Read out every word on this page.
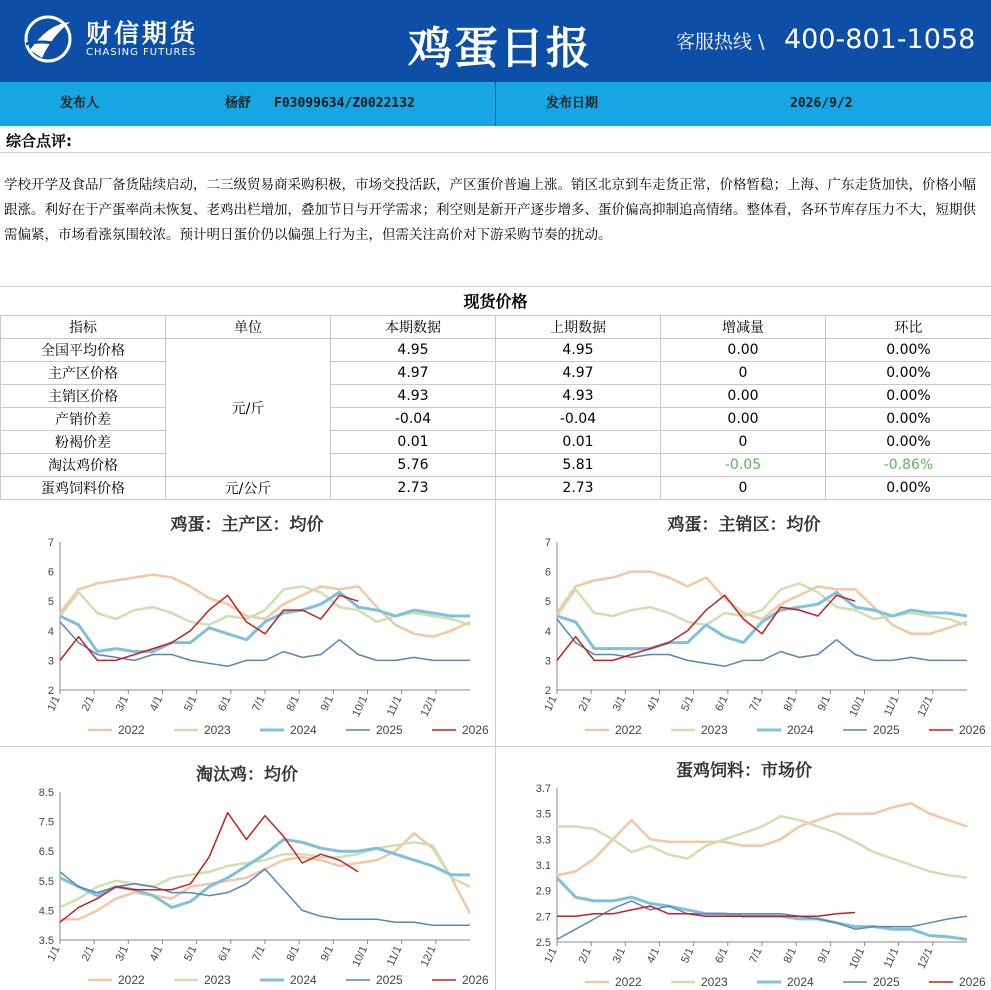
财信期货
CHASING FUTURES	鸡蛋日报	客服热线 \ 400-801-1058
发布人	杨舒 F03099634/Z0022132	发布日期	2026/9/2
综合点评:
学校开学及食品厂备货陆续启动，二三级贸易商采购积极，市场交投活跃，产区蛋价普遍上涨。销区北京到车走货正常，价格暂稳；上海、广东走货加快，价格小幅跟涨。利好在于产蛋率尚未恢复、老鸡出栏增加，叠加节日与开学需求；利空则是新开产逐步增多、蛋价偏高抑制追高情绪。整体看，各环节库存压力不大，短期供需偏紧，市场看涨氛围较浓。预计明日蛋价仍以偏强上行为主，但需关注高价对下游采购节奏的扰动。
现货价格
指标	单位	本期数据	上期数据	增减量	环比
全国平均价格	元/斤	4.95	4.95	0.00	0.00%
主产区价格		4.97	4.97	0	0.00%
主销区价格		4.93	4.93	0.00	0.00%
产销价差		-0.04	-0.04	0.00	0.00%
粉褐价差		0.01	0.01	0	0.00%
淘汰鸡价格		5.76	5.81	-0.05	-0.86%
蛋鸡饲料价格	元/公斤	2.73	2.73	0	0.00%
鸡蛋：主产区：均价
2
3
4
5
6
7
1/1 2/1 3/1 4/1 5/1 6/1 7/1 8/1 9/1 10/1 11/1 12/1
2022	2023	2024	2025	2026
鸡蛋：主销区：均价
2
3
4
5
6
7
1/1 2/1 3/1 4/1 5/1 6/1 7/1 8/1 9/1 10/1 11/1 12/1
2022	2023	2024	2025	2026
淘汰鸡：均价
3.5
4.5
5.5
6.5
7.5
8.5
1/1 2/1 3/1 4/1 5/1 6/1 7/1 8/1 9/1 10/1 11/1 12/1
2022	2023	2024	2025	2026
蛋鸡饲料：市场价
2.5
2.7
2.9
3.1
3.3
3.5
3.7
1/1 2/1 3/1 4/1 5/1 6/1 7/1 8/1 9/1 10/1 11/1 12/1
2022	2023	2024	2025	2026
